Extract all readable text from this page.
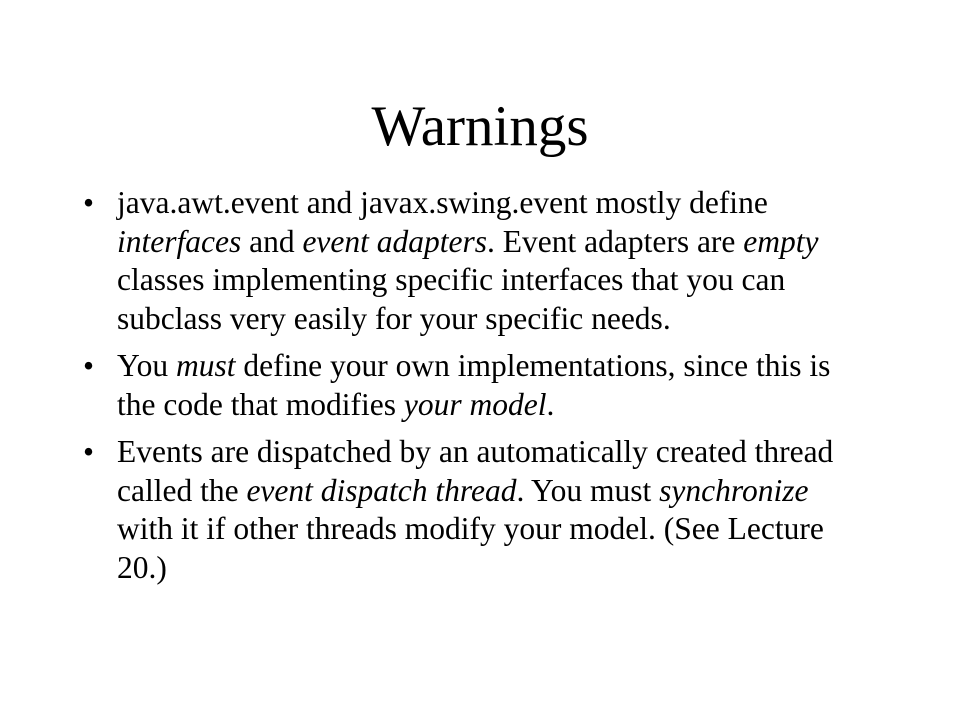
Warnings
• java.awt.event and javax.swing.event mostly define interfaces and event adapters. Event adapters are empty classes implementing specific interfaces that you can subclass very easily for your specific needs.
• You must define your own implementations, since this is the code that modifies your model.
• Events are dispatched by an automatically created thread called the event dispatch thread. You must synchronize with it if other threads modify your model. (See Lecture 20.)
